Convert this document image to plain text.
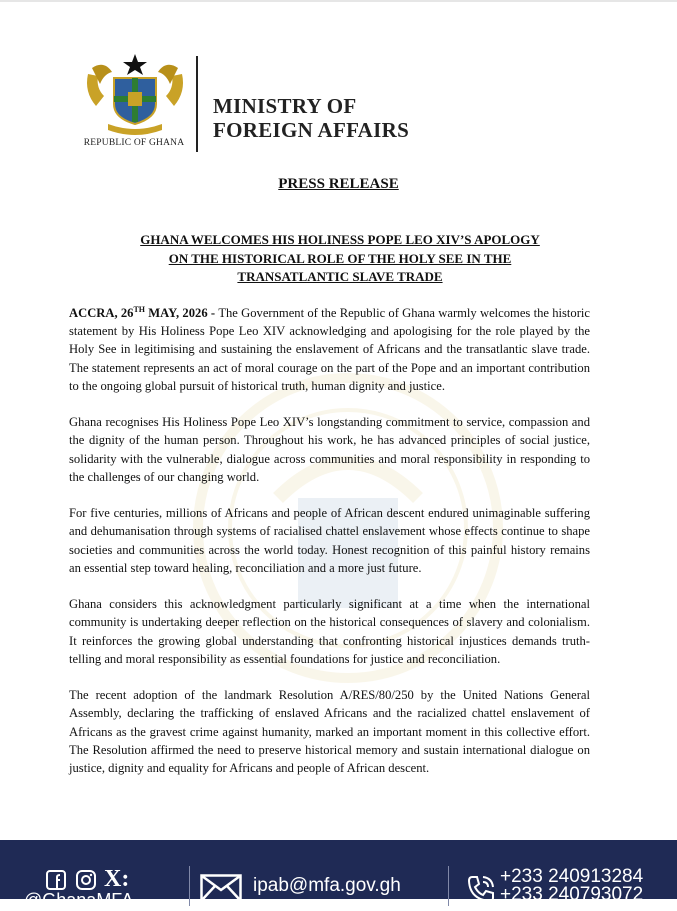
REPUBLIC OF GHANA
MINISTRY OF
FOREIGN AFFAIRS
PRESS RELEASE
GHANA WELCOMES HIS HOLINESS POPE LEO XIV’S APOLOGY
ON THE HISTORICAL ROLE OF THE HOLY SEE IN THE
TRANSATLANTIC SLAVE TRADE

ACCRA, 26TH MAY, 2026 - The Government of the Republic of Ghana warmly welcomes the historic statement by His Holiness Pope Leo XIV acknowledging and apologising for the role played by the Holy See in legitimising and sustaining the enslavement of Africans and the transatlantic slave trade. The statement represents an act of moral courage on the part of the Pope and an important contribution to the ongoing global pursuit of historical truth, human dignity and justice.

Ghana recognises His Holiness Pope Leo XIV’s longstanding commitment to service, compassion and the dignity of the human person. Throughout his work, he has advanced principles of social justice, solidarity with the vulnerable, dialogue across communities and moral responsibility in responding to the challenges of our changing world.

For five centuries, millions of Africans and people of African descent endured unimaginable suffering and dehumanisation through systems of racialised chattel enslavement whose effects continue to shape societies and communities across the world today. Honest recognition of this painful history remains an essential step toward healing, reconciliation and a more just future.

Ghana considers this acknowledgment particularly significant at a time when the international community is undertaking deeper reflection on the historical consequences of slavery and colonialism. It reinforces the growing global understanding that confronting historical injustices demands truth-telling and moral responsibility as essential foundations for justice and reconciliation.

The recent adoption of the landmark Resolution A/RES/80/250 by the United Nations General Assembly, declaring the trafficking of enslaved Africans and the racialized chattel enslavement of Africans as the gravest crime against humanity, marked an important moment in this collective effort. The Resolution affirmed the need to preserve historical memory and sustain international dialogue on justice, dignity and equality for Africans and people of African descent.

X:
@GhanaMFA
ipab@mfa.gov.gh	+233 240913284
+233 240793072
